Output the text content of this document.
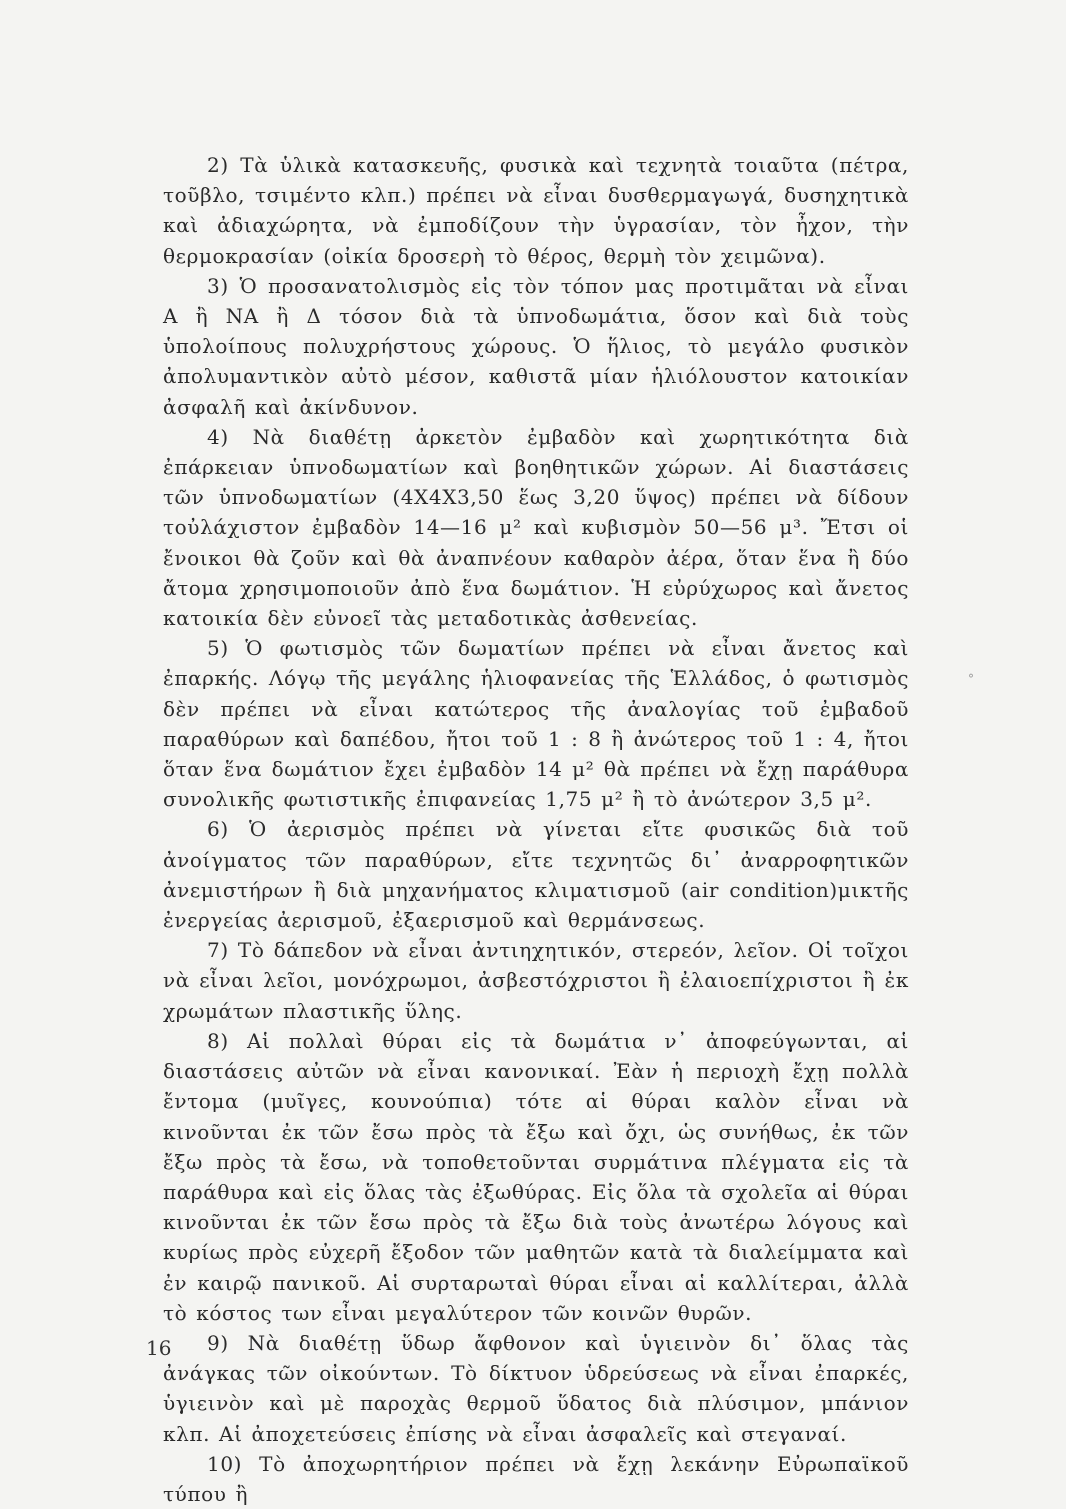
2) Τὰ ὑλικὰ κατασκευῆς, φυσικὰ καὶ τεχνητὰ τοιαῦτα (πέτρα, τοῦβλο, τσιμέντο κλπ.) πρέπει νὰ εἶναι δυσθερμαγωγά, δυσηχητικὰ καὶ ἀδιαχώρητα, νὰ ἐμποδίζουν τὴν ὑγρασίαν, τὸν ἦχον, τὴν θερμοκρασίαν (οἰκία δροσερὴ τὸ θέρος, θερμὴ τὸν χειμῶνα).

3) Ὁ προσανατολισμὸς εἰς τὸν τόπον μας προτιμᾶται νὰ εἶναι Α ἢ ΝΑ ἢ Δ τόσον διὰ τὰ ὑπνοδωμάτια, ὅσον καὶ διὰ τοὺς ὑπολοίπους πολυχρήστους χώρους. Ὁ ἥλιος, τὸ μεγάλο φυσικὸν ἀπολυμαντικὸν αὐτὸ μέσον, καθιστᾶ μίαν ἡλιόλουστον κατοικίαν ἀσφαλῆ καὶ ἀκίνδυνον.

4) Νὰ διαθέτῃ ἀρκετὸν ἐμβαδὸν καὶ χωρητικότητα διὰ ἐπάρκειαν ὑπνοδωματίων καὶ βοηθητικῶν χώρων. Αἱ διαστάσεις τῶν ὑπνοδωματίων (4Χ4Χ3,50 ἕως 3,20 ὕψος) πρέπει νὰ δίδουν τοὐλάχιστον ἐμβαδὸν 14—16 μ² καὶ κυβισμὸν 50—56 μ³. Ἔτσι οἱ ἔνοικοι θὰ ζοῦν καὶ θὰ ἀναπνέουν καθαρὸν ἀέρα, ὅταν ἕνα ἢ δύο ἄτομα χρησιμοποιοῦν ἀπὸ ἕνα δωμάτιον. Ἡ εὐρύχωρος καὶ ἄνετος κατοικία δὲν εὐνοεῖ τὰς μεταδοτικὰς ἀσθενείας.

5) Ὁ φωτισμὸς τῶν δωματίων πρέπει νὰ εἶναι ἄνετος καὶ ἐπαρκής. Λόγῳ τῆς μεγάλης ἡλιοφανείας τῆς Ἑλλάδος, ὁ φωτισμὸς δὲν πρέπει νὰ εἶναι κατώτερος τῆς ἀναλογίας τοῦ ἐμβαδοῦ παραθύρων καὶ δαπέδου, ἤτοι τοῦ 1 : 8 ἢ ἀνώτερος τοῦ 1 : 4, ἤτοι ὅταν ἕνα δωμάτιον ἔχει ἐμβαδὸν 14 μ² θὰ πρέπει νὰ ἔχῃ παράθυρα συνολικῆς φωτιστικῆς ἐπιφανείας 1,75 μ² ἢ τὸ ἀνώτερον 3,5 μ².

6) Ὁ ἀερισμὸς πρέπει νὰ γίνεται εἴτε φυσικῶς διὰ τοῦ ἀνοίγματος τῶν παραθύρων, εἴτε τεχνητῶς δι᾿ ἀναρροφητικῶν ἀνεμιστήρων ἢ διὰ μηχανήματος κλιματισμοῦ (air condition)μικτῆς ἐνεργείας ἀερισμοῦ, ἐξαερισμοῦ καὶ θερμάνσεως.

7) Τὸ δάπεδον νὰ εἶναι ἀντιηχητικόν, στερεόν, λεῖον. Οἱ τοῖχοι νὰ εἶναι λεῖοι, μονόχρωμοι, ἀσβεστόχριστοι ἢ ἐλαιοεπίχριστοι ἢ ἐκ χρωμάτων πλαστικῆς ὕλης.

8) Αἱ πολλαὶ θύραι εἰς τὰ δωμάτια ν᾿ ἀποφεύγωνται, αἱ διαστάσεις αὐτῶν νὰ εἶναι κανονικαί. Ἐὰν ἡ περιοχὴ ἔχῃ πολλὰ ἔντομα (μυῖγες, κουνούπια) τότε αἱ θύραι καλὸν εἶναι νὰ κινοῦνται ἐκ τῶν ἔσω πρὸς τὰ ἔξω καὶ ὄχι, ὡς συνήθως, ἐκ τῶν ἔξω πρὸς τὰ ἔσω, νὰ τοποθετοῦνται συρμάτινα πλέγματα εἰς τὰ παράθυρα καὶ εἰς ὅλας τὰς ἐξωθύρας. Εἰς ὅλα τὰ σχολεῖα αἱ θύραι κινοῦνται ἐκ τῶν ἔσω πρὸς τὰ ἔξω διὰ τοὺς ἀνωτέρω λόγους καὶ κυρίως πρὸς εὐχερῆ ἔξοδον τῶν μαθητῶν κατὰ τὰ διαλείμματα καὶ ἐν καιρῷ πανικοῦ. Αἱ συρταρωταὶ θύραι εἶναι αἱ καλλίτεραι, ἀλλὰ τὸ κόστος των εἶναι μεγαλύτερον τῶν κοινῶν θυρῶν.

9) Νὰ διαθέτῃ ὕδωρ ἄφθονον καὶ ὑγιεινὸν δι᾿ ὅλας τὰς ἀνάγκας τῶν οἰκούντων. Τὸ δίκτυον ὑδρεύσεως νὰ εἶναι ἐπαρκές, ὑγιεινὸν καὶ μὲ παροχὰς θερμοῦ ὕδατος διὰ πλύσιμον, μπάνιον κλπ. Αἱ ἀποχετεύσεις ἐπίσης νὰ εἶναι ἀσφαλεῖς καὶ στεγαναί.

10) Τὸ ἀποχωρητήριον πρέπει νὰ ἔχῃ λεκάνην Εὐρωπαϊκοῦ τύπου ἢ

°
16
